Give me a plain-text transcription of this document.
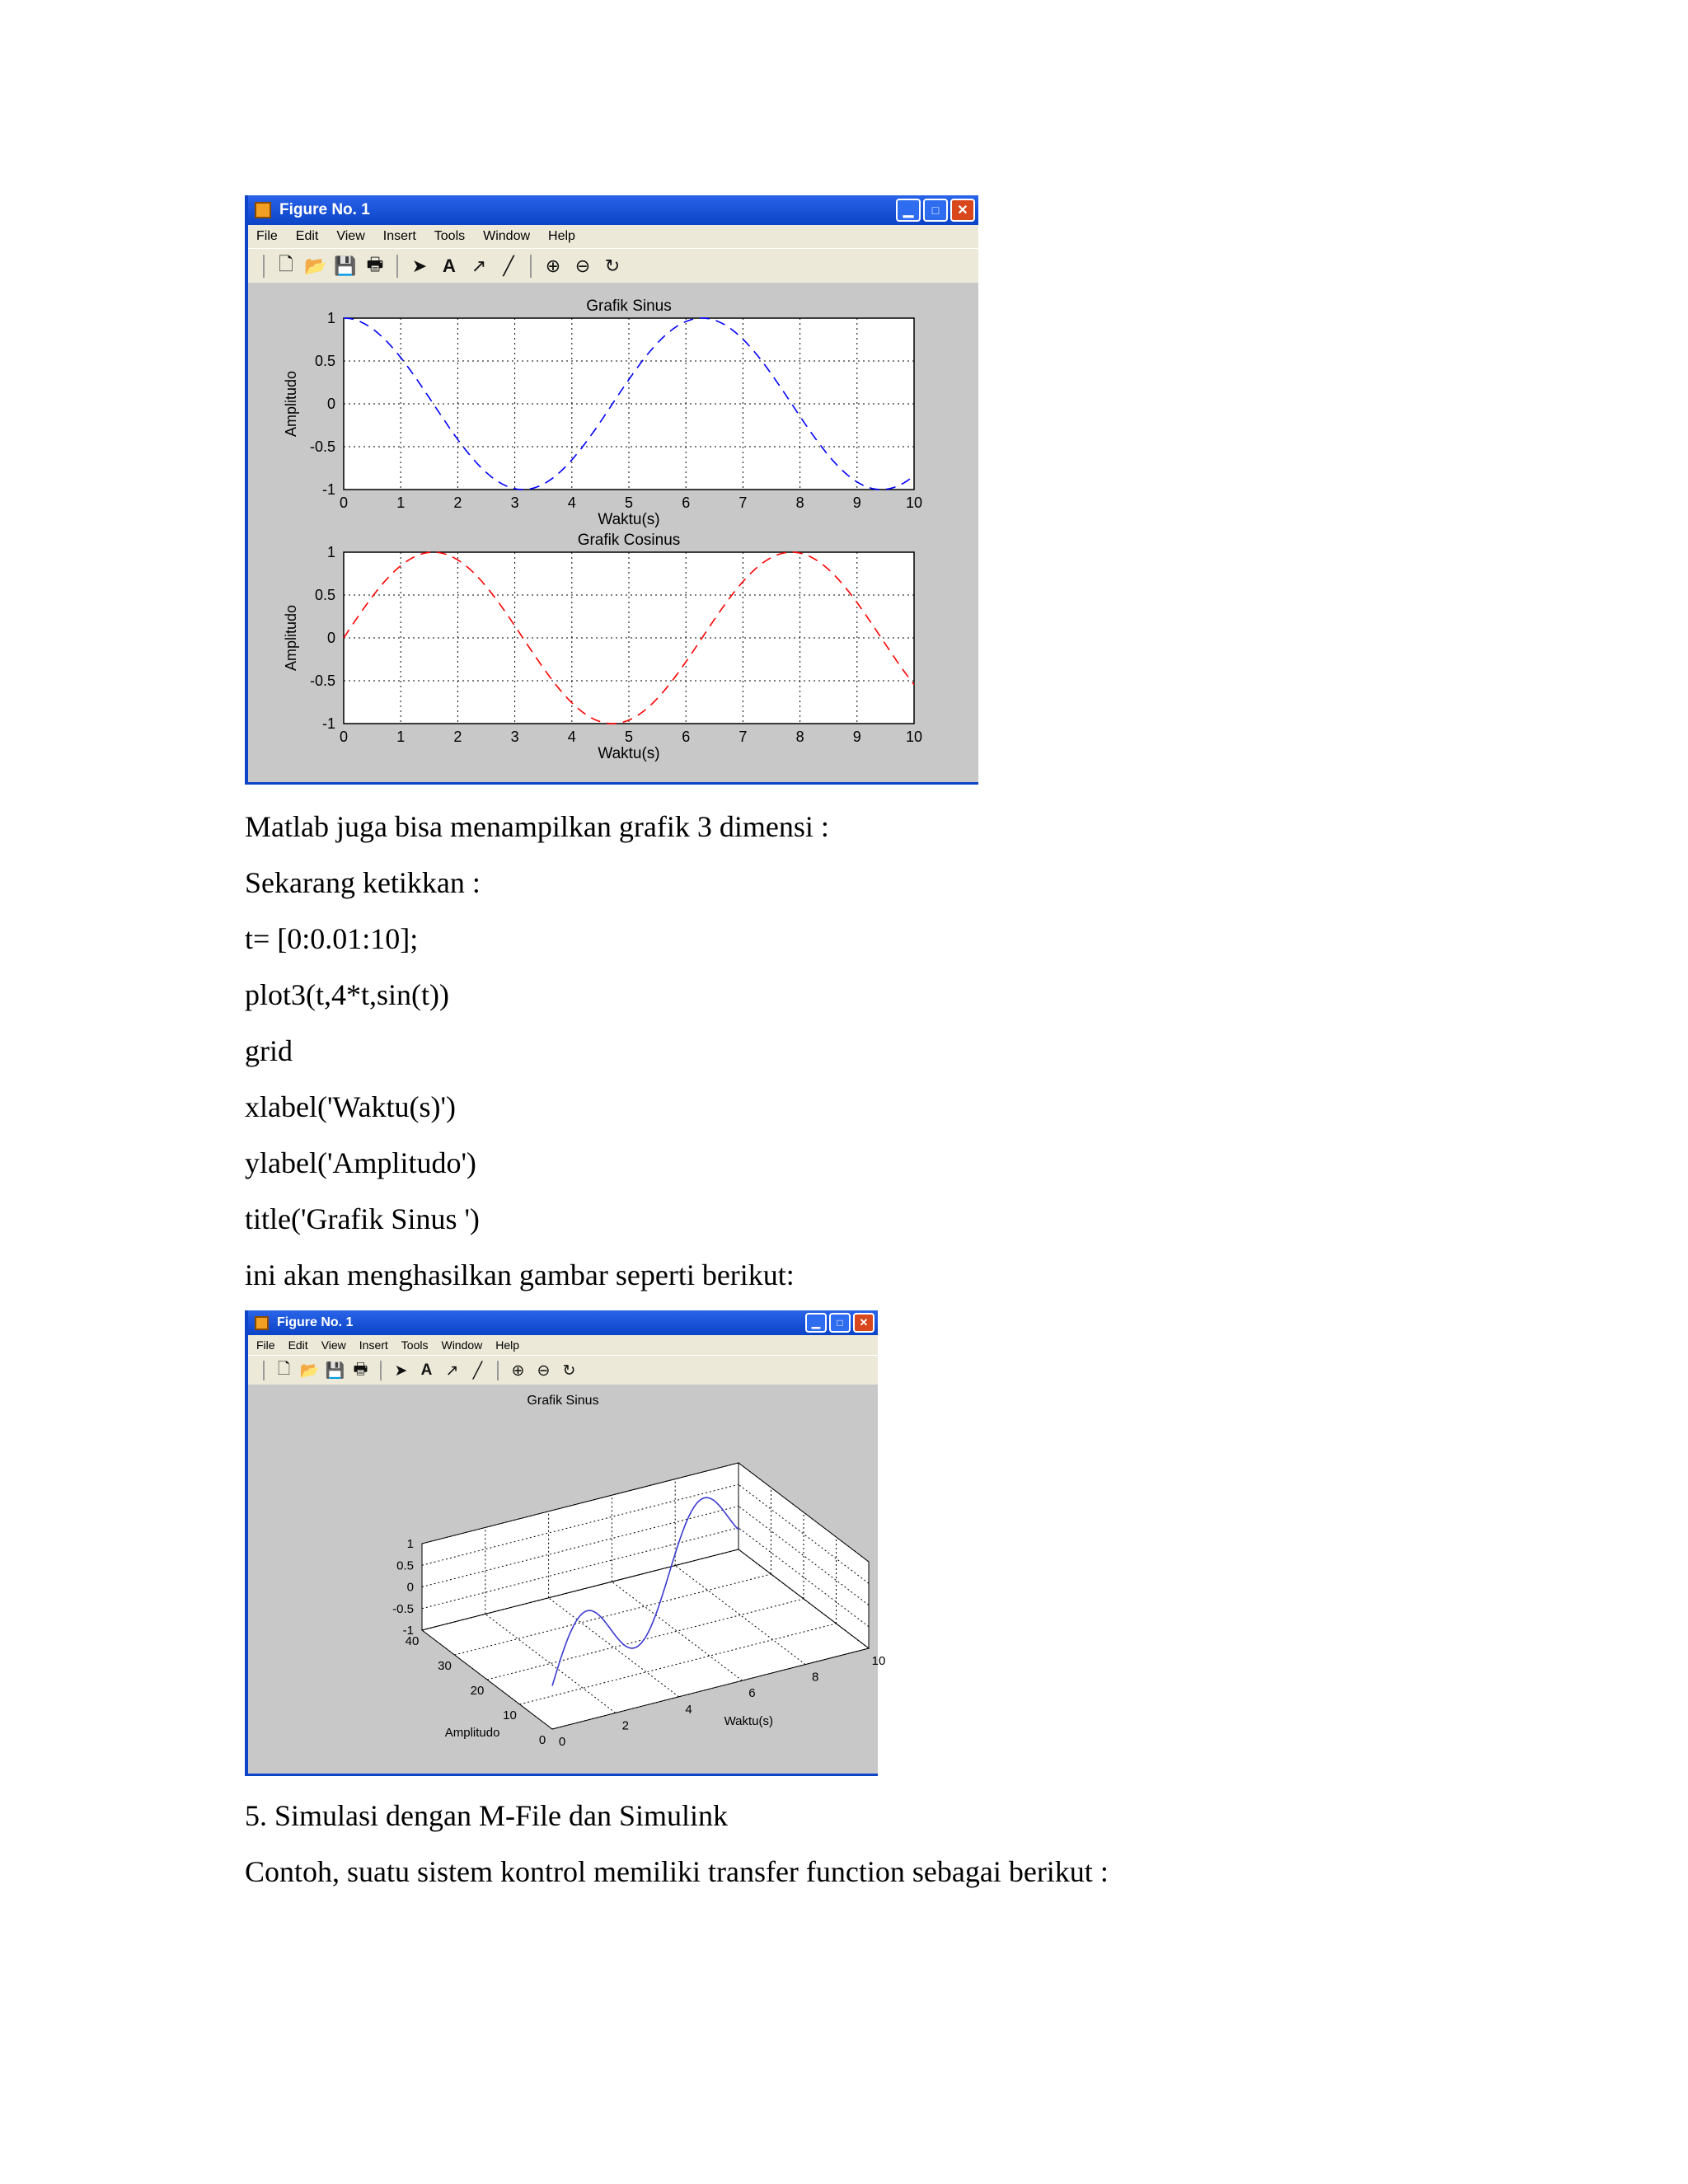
Figure No. 1	▁ □ ✕
File Edit View Insert Tools Window Help
🗋 📂 💾 🖶	➤ A ↗ ╱	⊕ ⊖ ↻
0	1	2	3	4	5	6	7	8	9	10
1
0.5
0
-0.5
-1
Grafik Sinus
Waktu(s)
Amplitudo
0	1	2	3	4	5	6	7	8	9	10
1
0.5
0
-0.5
-1
Grafik Cosinus
Waktu(s)
Amplitudo
Matlab juga bisa menampilkan grafik 3 dimensi :
Sekarang ketikkan :
t= [0:0.01:10];
plot3(t,4*t,sin(t))
grid
xlabel('Waktu(s)')
ylabel('Amplitudo')
title('Grafik Sinus ')
ini akan menghasilkan gambar seperti berikut:
Figure No. 1	▁ □ ✕
File Edit View Insert Tools Window Help
🗋 📂 💾 🖶	➤ A ↗ ╱	⊕ ⊖ ↻
Grafik Sinus
0
2
4
6
8
10
0
10
20
30
40
1
0.5
0
-0.5
-1
Waktu(s)
Amplitudo
5. Simulasi dengan M-File dan Simulink
Contoh, suatu sistem kontrol memiliki transfer function sebagai berikut :
